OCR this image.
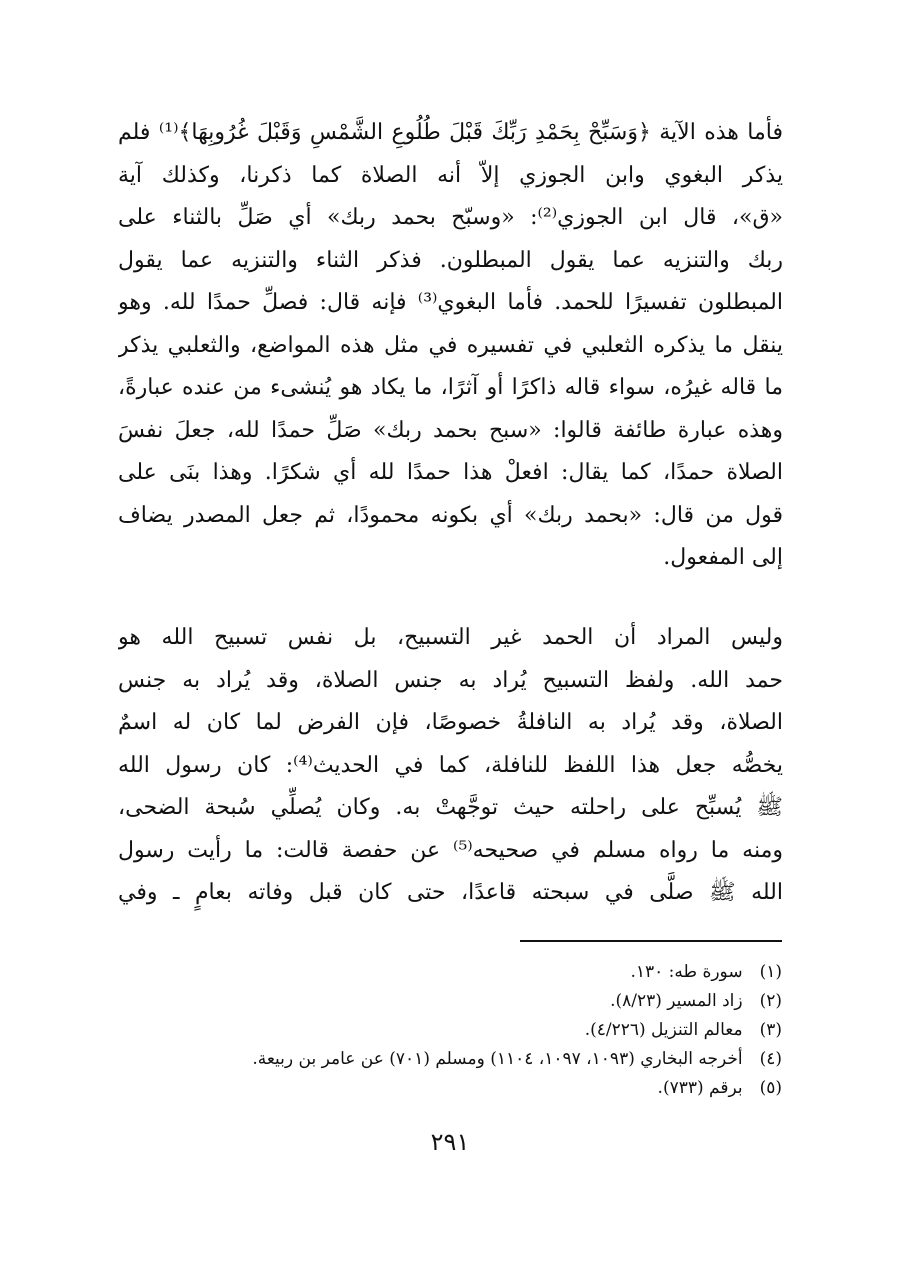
فأما هذه الآية ﴿وَسَبِّحْ بِحَمْدِ رَبِّكَ قَبْلَ طُلُوعِ الشَّمْسِ وَقَبْلَ غُرُوبِهَا﴾⁽¹⁾ فلم
يذكر البغوي وابن الجوزي إلاّ أنه الصلاة كما ذكرنا، وكذلك آية
«ق»، قال ابن الجوزي⁽²⁾: «وسبّح بحمد ربك» أي صَلِّ بالثناء على
ربك والتنزيه عما يقول المبطلون. فذكر الثناء والتنزيه عما يقول
المبطلون تفسيرًا للحمد. فأما البغوي⁽³⁾ فإنه قال: فصلِّ حمدًا لله. وهو
ينقل ما يذكره الثعلبي في تفسيره في مثل هذه المواضع، والثعلبي يذكر
ما قاله غيرُه، سواء قاله ذاكرًا أو آثرًا، ما يكاد هو يُنشىء من عنده عبارةً،
وهذه عبارة طائفة قالوا: «سبح بحمد ربك» صَلِّ حمدًا لله، جعلَ نفسَ
الصلاة حمدًا، كما يقال: افعلْ هذا حمدًا لله أي شكرًا. وهذا بنَى على
قول من قال: «بحمد ربك» أي بكونه محمودًا، ثم جعل المصدر يضاف
إلى المفعول.
وليس المراد أن الحمد غير التسبيح، بل نفس تسبيح الله هو
حمد الله. ولفظ التسبيح يُراد به جنس الصلاة، وقد يُراد به جنس
الصلاة، وقد يُراد به النافلةُ خصوصًا، فإن الفرض لما كان له اسمٌ
يخصُّه جعل هذا اللفظ للنافلة، كما في الحديث⁽⁴⁾: كان رسول الله
ﷺ يُسبِّح على راحلته حيث توجَّهتْ به. وكان يُصلِّي سُبحة الضحى،
ومنه ما رواه مسلم في صحيحه⁽⁵⁾ عن حفصة قالت: ما رأيت رسول
الله ﷺ صلَّى في سبحته قاعدًا، حتى كان قبل وفاته بعامٍ ـ وفي
(١) سورة طه: ١٣٠.
(٢) زاد المسير (٨/٢٣).
(٣) معالم التنزيل (٤/٢٢٦).
(٤) أخرجه البخاري (١٠٩٣، ١٠٩٧، ١١٠٤) ومسلم (٧٠١) عن عامر بن ربيعة.
(٥) برقم (٧٣٣).
٢٩١
